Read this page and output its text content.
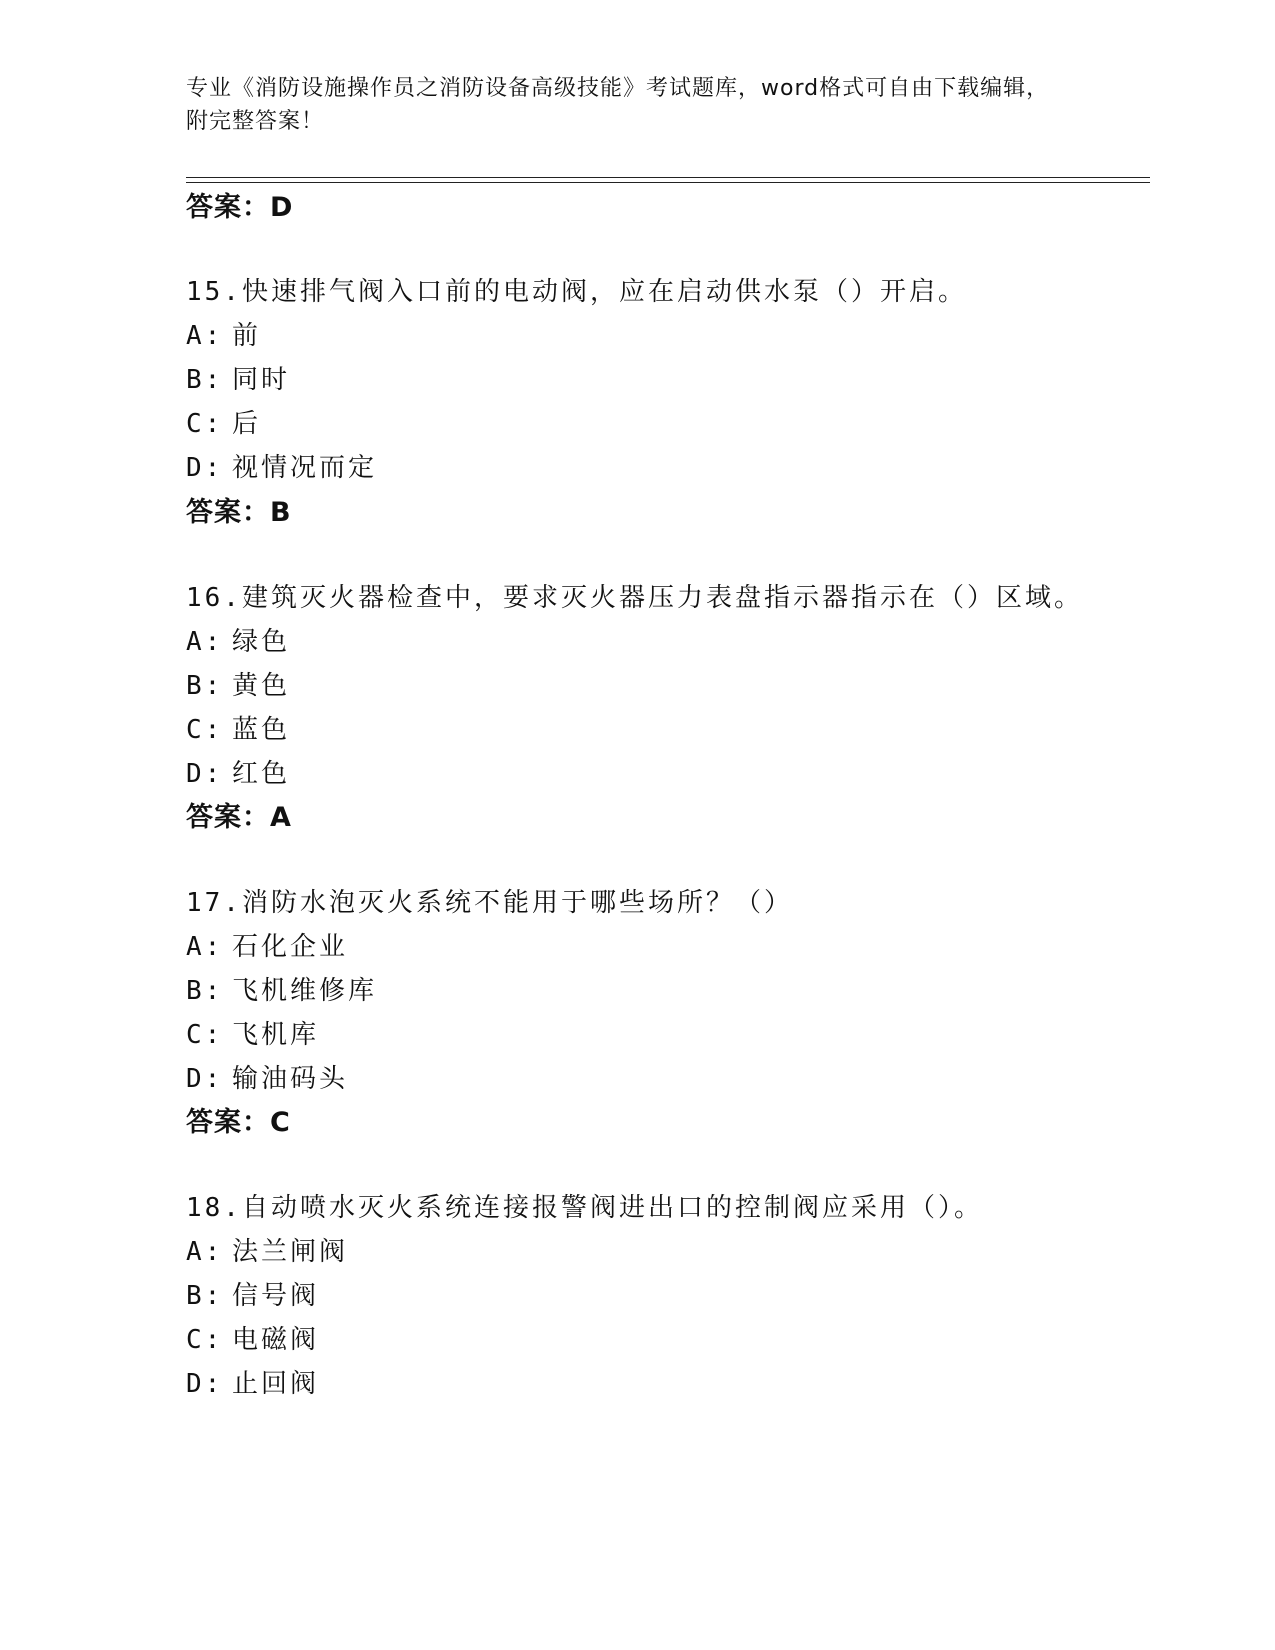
专业《消防设施操作员之消防设备高级技能》考试题库，word格式可自由下载编辑，附完整答案！
答案：D
15.快速排气阀入口前的电动阀，应在启动供水泵（）开启。
A: 前
B: 同时
C: 后
D: 视情况而定
答案：B
16.建筑灭火器检查中，要求灭火器压力表盘指示器指示在（）区域。
A: 绿色
B: 黄色
C: 蓝色
D: 红色
答案：A
17.消防水泡灭火系统不能用于哪些场所？（）
A: 石化企业
B: 飞机维修库
C: 飞机库
D: 输油码头
答案：C
18.自动喷水灭火系统连接报警阀进出口的控制阀应采用（）。
A: 法兰闸阀
B: 信号阀
C: 电磁阀
D: 止回阀
